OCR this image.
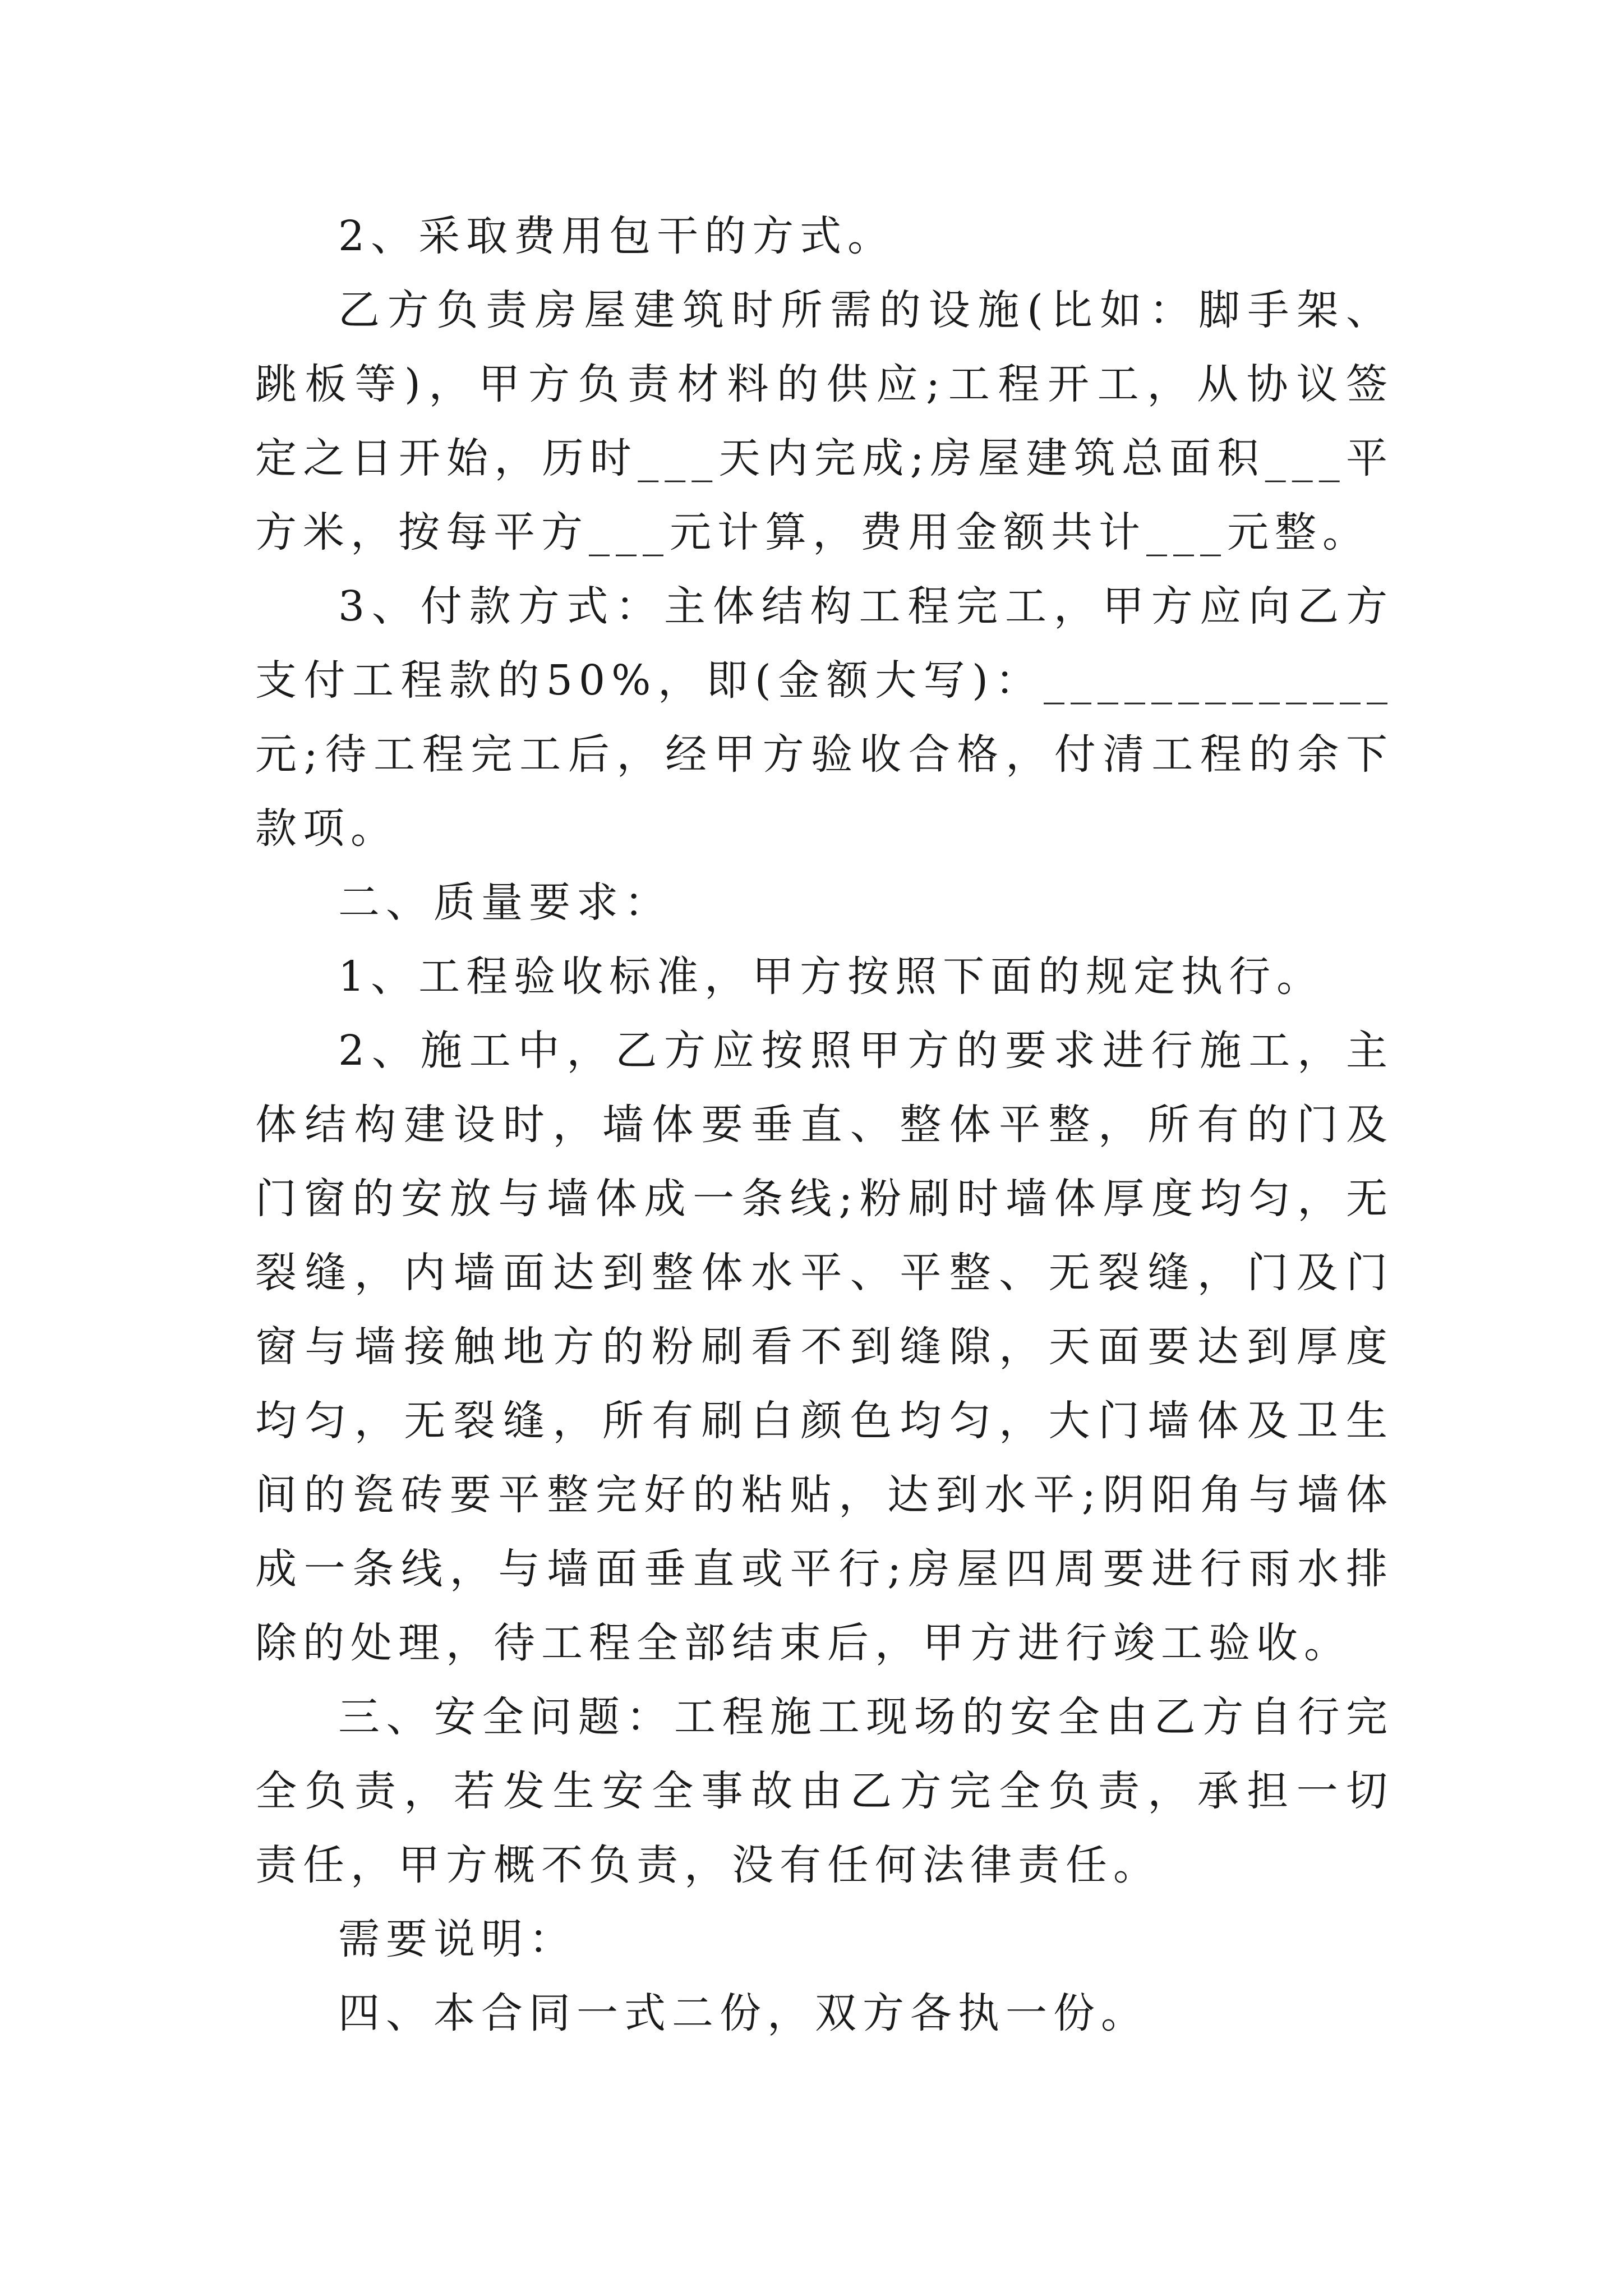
2、采取费用包干的方式。

乙方负责房屋建筑时所需的设施(比如：脚手架、跳板等)，甲方负责材料的供应;工程开工，从协议签定之日开始，历时___天内完成;房屋建筑总面积___平方米，按每平方___元计算，费用金额共计___元整。

3、付款方式：主体结构工程完工，甲方应向乙方支付工程款的50%，即(金额大写)：_____________元;待工程完工后，经甲方验收合格，付清工程的余下款项。

二、质量要求：

1、工程验收标准，甲方按照下面的规定执行。

2、施工中，乙方应按照甲方的要求进行施工，主体结构建设时，墙体要垂直、整体平整，所有的门及门窗的安放与墙体成一条线;粉刷时墙体厚度均匀，无裂缝，内墙面达到整体水平、平整、无裂缝，门及门窗与墙接触地方的粉刷看不到缝隙，天面要达到厚度均匀，无裂缝，所有刷白颜色均匀，大门墙体及卫生间的瓷砖要平整完好的粘贴，达到水平;阴阳角与墙体成一条线，与墙面垂直或平行;房屋四周要进行雨水排除的处理，待工程全部结束后，甲方进行竣工验收。

三、安全问题：工程施工现场的安全由乙方自行完全负责，若发生安全事故由乙方完全负责，承担一切责任，甲方概不负责，没有任何法律责任。

需要说明：

四、本合同一式二份，双方各执一份。
